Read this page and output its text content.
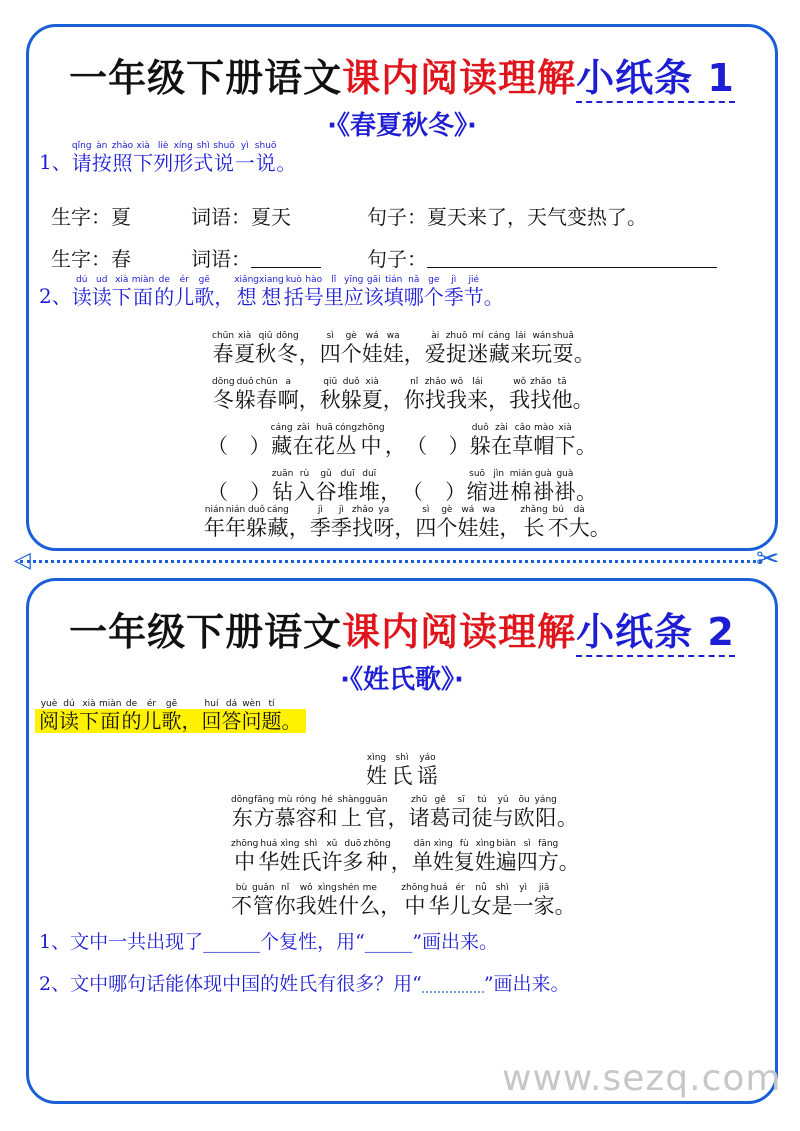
一年级下册语文课内阅读理解小纸条 1
·《春夏秋冬》·
1、
qǐng
请
àn
按
zhào
照
xià
下
liè
列
xíng
形
shì
式
shuō
说
yì
一
shuō
说
。
生字：夏	词语：夏天	句子：夏天来了，天气变热了。
生字：春	词语：	句子：
2、
dú
读
ud
读
xià
下
miàn
面
de
的
ér
儿
gē
歌
，
xiǎng
想
xiang
想
kuò
括
hào
号
lǐ
里
yīng
应
gāi
该
tián
填
nǎ
哪
ge
个
jì
季
jié
节
。
chūn
春
xià
夏
qiū
秋
dōng
冬
，
sì
四
gè
个
wá
娃
wa
娃
，
ài
爱
zhuō
捉
mí
迷
cáng
藏
lái
来
wán
玩
shuǎ
耍
。
dōng
冬
duǒ
躲
chūn
春
a
啊
，
qiū
秋
duǒ
躲
xià
夏
，
nǐ
你
zhǎo
找
wǒ
我
lái
来
，
wǒ
我
zhǎo
找
tā
他
。

（

）
cáng
藏
zài
在
huā
花
cóng
丛
zhōng
中
，
（

）
duǒ
躲
zài
在
cǎo
草
mào
帽
xià
下
。

（

）
zuān
钻
rù
入
gǔ
谷
duī
堆
duī
堆
，
（

）
suō
缩
jìn
进
mián
棉
guà
褂
guà
褂
。
nián
年
nián
年
duǒ
躲
cáng
藏
，
jì
季
jì
季
zhǎo
找
ya
呀
，
sì
四
gè
个
wá
娃
wa
娃
，
zhǎng
长
bú
不
dà
大
。
◁	✂
一年级下册语文课内阅读理解小纸条 2
·《姓氏歌》·
yuè
阅
dú
读
xià
下
miàn
面
de
的
ér
儿
gē
歌
，
huí
回
dá
答
wèn
问
tí
题
。
xìng
姓
shì
氏
yáo
谣
dōng
东
fāng
方
mù
慕
róng
容
hé
和
shàng
上
guān
官
，
zhū
诸
gě
葛
sī
司
tú
徒
yǔ
与
ōu
欧
yáng
阳
。
zhōng
中
huá
华
xìng
姓
shì
氏
xǔ
许
duō
多
zhǒng
种
，
dān
单
xìng
姓
fù
复
xìng
姓
biàn
遍
sì
四
fāng
方
。
bù
不
guǎn
管
nǐ
你
wǒ
我
xìng
姓
shén
什
me
么
，
zhōng
中
huá
华
ér
儿
nǚ
女
shì
是
yì
一
jiā
家
。
1、文中一共出现了______个复性，用“_____”画出来。
2、文中哪句话能体现中国的姓氏有很多？用“	”画出来。
www.sezq.com
